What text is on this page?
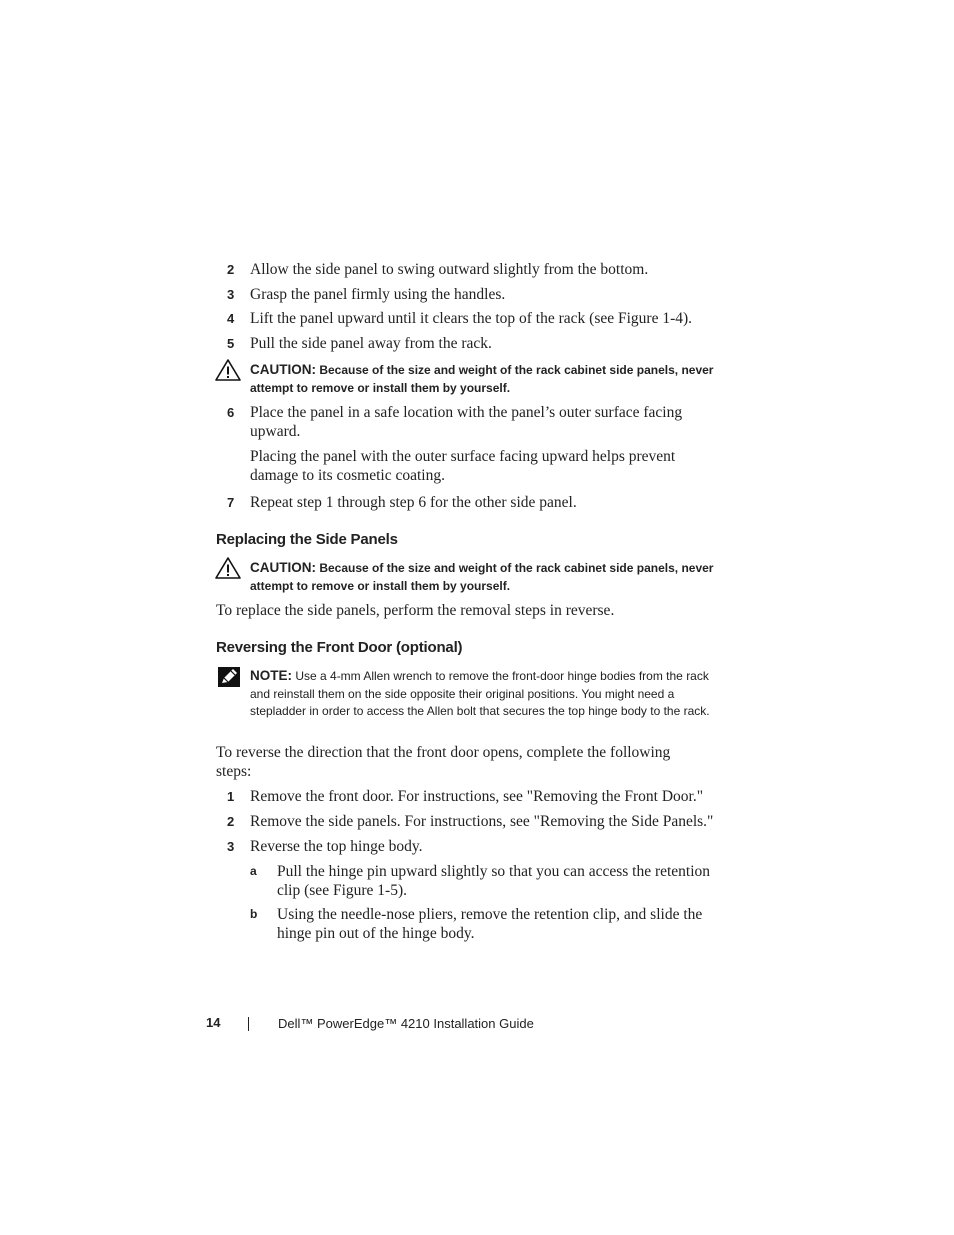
2 Allow the side panel to swing outward slightly from the bottom.
3 Grasp the panel firmly using the handles.
4 Lift the panel upward until it clears the top of the rack (see Figure 1-4).
5 Pull the side panel away from the rack.
CAUTION: Because of the size and weight of the rack cabinet side panels, never attempt to remove or install them by yourself.
6 Place the panel in a safe location with the panel’s outer surface facing upward.
Placing the panel with the outer surface facing upward helps prevent damage to its cosmetic coating.
7 Repeat step 1 through step 6 for the other side panel.
Replacing the Side Panels
CAUTION: Because of the size and weight of the rack cabinet side panels, never attempt to remove or install them by yourself.
To replace the side panels, perform the removal steps in reverse.
Reversing the Front Door (optional)
NOTE: Use a 4-mm Allen wrench to remove the front-door hinge bodies from the rack and reinstall them on the side opposite their original positions. You might need a stepladder in order to access the Allen bolt that secures the top hinge body to the rack.
To reverse the direction that the front door opens, complete the following steps:
1 Remove the front door. For instructions, see "Removing the Front Door."
2 Remove the side panels. For instructions, see "Removing the Side Panels."
3 Reverse the top hinge body.
a Pull the hinge pin upward slightly so that you can access the retention clip (see Figure 1-5).
b Using the needle-nose pliers, remove the retention clip, and slide the hinge pin out of the hinge body.
14	Dell™ PowerEdge™ 4210 Installation Guide
